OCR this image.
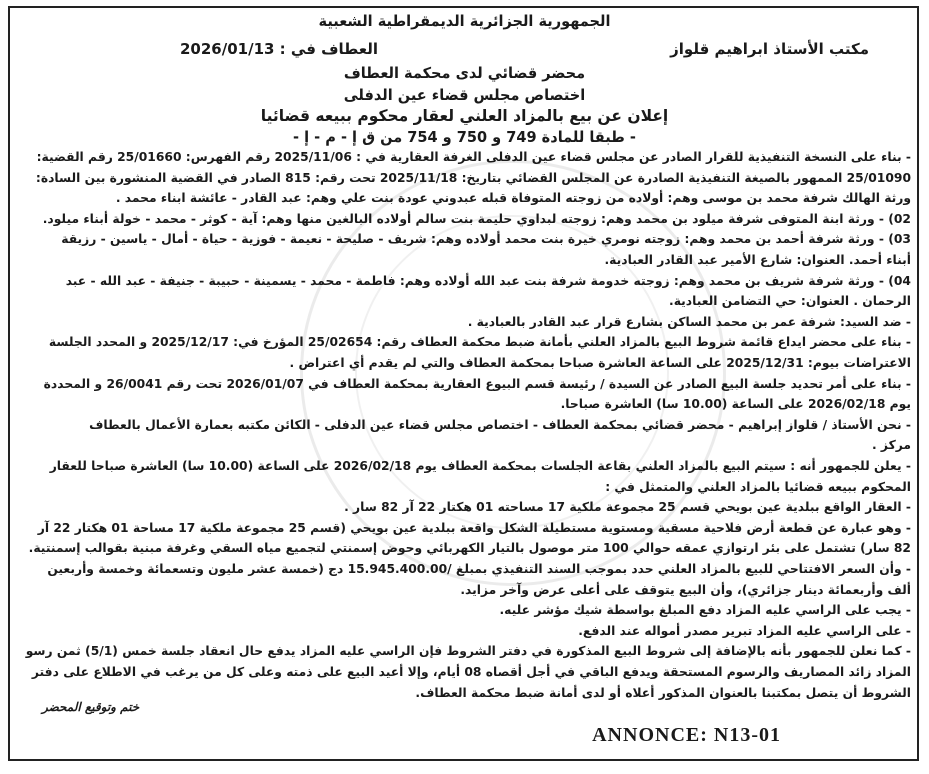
الجمهورية الجزائرية الديمقراطية الشعبية
مكتب الأستاذ ابراهيم قلواز
العطاف في : 2026/01/13
محضر قضائي لدى محكمة العطاف
اختصاص مجلس قضاء عين الدفلى
إعلان عن بيع بالمزاد العلني لعقار محكوم ببيعه قضائيا
- طبقا للمادة 749 و 750 و 754 من ق إ - م - إ -
- بناء على النسخة التنفيذية للقرار الصادر عن مجلس قضاء عين الدفلى الغرفة العقارية في : 2025/11/06 رقم الفهرس: 25/01660 رقم القضية:
25/01090 الممهور بالصيغة التنفيذية الصادرة عن المجلس القضائي بتاريخ: 2025/11/18 تحت رقم: 815 الصادر في القضية المنشورة بين السادة:
ورثة الهالك شرفة محمد بن موسى وهم: أولاده من زوجته المتوفاة قبله عبدوني عودة بنت علي وهم: عبد القادر - عائشة ابناء محمد .
02) - ورثة ابنة المتوفى شرفة ميلود بن محمد وهم: زوجته لبداوي حليمة بنت سالم أولاده البالغين منها وهم: آية - كوثر - محمد - خولة أبناء ميلود.
03) - ورثة شرفة أحمد بن محمد وهم: زوجته نومري خيرة بنت محمد أولاده وهم: شريف - صليحة - نعيمة - فوزية - حياة - أمال - ياسين - رزيقة
أبناء أحمد. العنوان: شارع الأمير عبد القادر العبادية.
04) - ورثة شرفة شريف بن محمد وهم: زوجته خدومة شرفة بنت عبد الله أولاده وهم: فاطمة - محمد - يسمينة - حبيبة - جنيفة - عبد الله - عبد
الرحمان . العنوان: حي التضامن العبادية.
- ضد السيد: شرفة عمر بن محمد الساكن بشارع قرار عبد القادر بالعبادية .
- بناء على محضر ايداع قائمة شروط البيع بالمزاد العلني بأمانة ضبط محكمة العطاف رقم: 25/02654 المؤرخ في: 2025/12/17 و المحدد الجلسة
الاعتراضات بيوم: 2025/12/31 على الساعة العاشرة صباحا بمحكمة العطاف والتي لم يقدم أي اعتراض .
- بناء على أمر تحديد جلسة البيع الصادر عن السيدة / رئيسة قسم البيوع العقارية بمحكمة العطاف في 2026/01/07 تحت رقم 26/0041 و المحددة
يوم 2026/02/18 على الساعة (10.00 سا) العاشرة صباحا.
- نحن الأستاذ / قلواز إبراهيم - محضر قضائي بمحكمة العطاف - اختصاص مجلس قضاء عين الدفلى - الكائن مكتبه بعمارة الأعمال بالعطاف
مركز .
- يعلن للجمهور أنه : سيتم البيع بالمزاد العلني بقاعة الجلسات بمحكمة العطاف يوم 2026/02/18 على الساعة (10.00 سا) العاشرة صباحا للعقار
المحكوم ببيعه قضائيا بالمزاد العلني والمتمثل في :
- العقار الواقع ببلدية عين بويحي قسم 25 مجموعة ملكية 17 مساحته 01 هكتار 22 آر 82 سار .
- وهو عبارة عن قطعة أرض فلاحية مسقية ومستوية مستطيلة الشكل واقعة ببلدية عين بويحي (قسم 25 مجموعة ملكية 17 مساحة 01 هكتار 22 آر
82 سار) تشتمل على بئر ارتوازي عمقه حوالي 100 متر موصول بالتيار الكهربائي وحوض إسمنتي لتجميع مياه السقي وغرفة مبنية بقوالب إسمنتية.
- وأن السعر الافتتاحي للبيع بالمزاد العلني حدد بموجب السند التنفيذي بمبلغ /15.945.400.00 دج (خمسة عشر مليون وتسعمائة وخمسة وأربعين
ألف وأربعمائة دينار جزائري)، وأن البيع يتوقف على أعلى عرض وآخر مزايد.
- يجب على الراسي عليه المزاد دفع المبلغ بواسطة شيك مؤشر عليه.
- على الراسي عليه المزاد تبرير مصدر أمواله عند الدفع.
- كما نعلن للجمهور بأنه بالإضافة إلى شروط البيع المذكورة في دفتر الشروط فإن الراسي عليه المزاد يدفع حال انعقاد جلسة خمس (5/1) ثمن رسو
المزاد زائد المصاريف والرسوم المستحقة ويدفع الباقي في أجل أقصاه 08 أيام، وإلا أعيد البيع على ذمته وعلى كل من يرغب في الاطلاع على دفتر
الشروط أن يتصل بمكتبنا بالعنوان المذكور أعلاه أو لدى أمانة ضبط محكمة العطاف.
ختم وتوقيع المحضر
ANNONCE: N13-01
